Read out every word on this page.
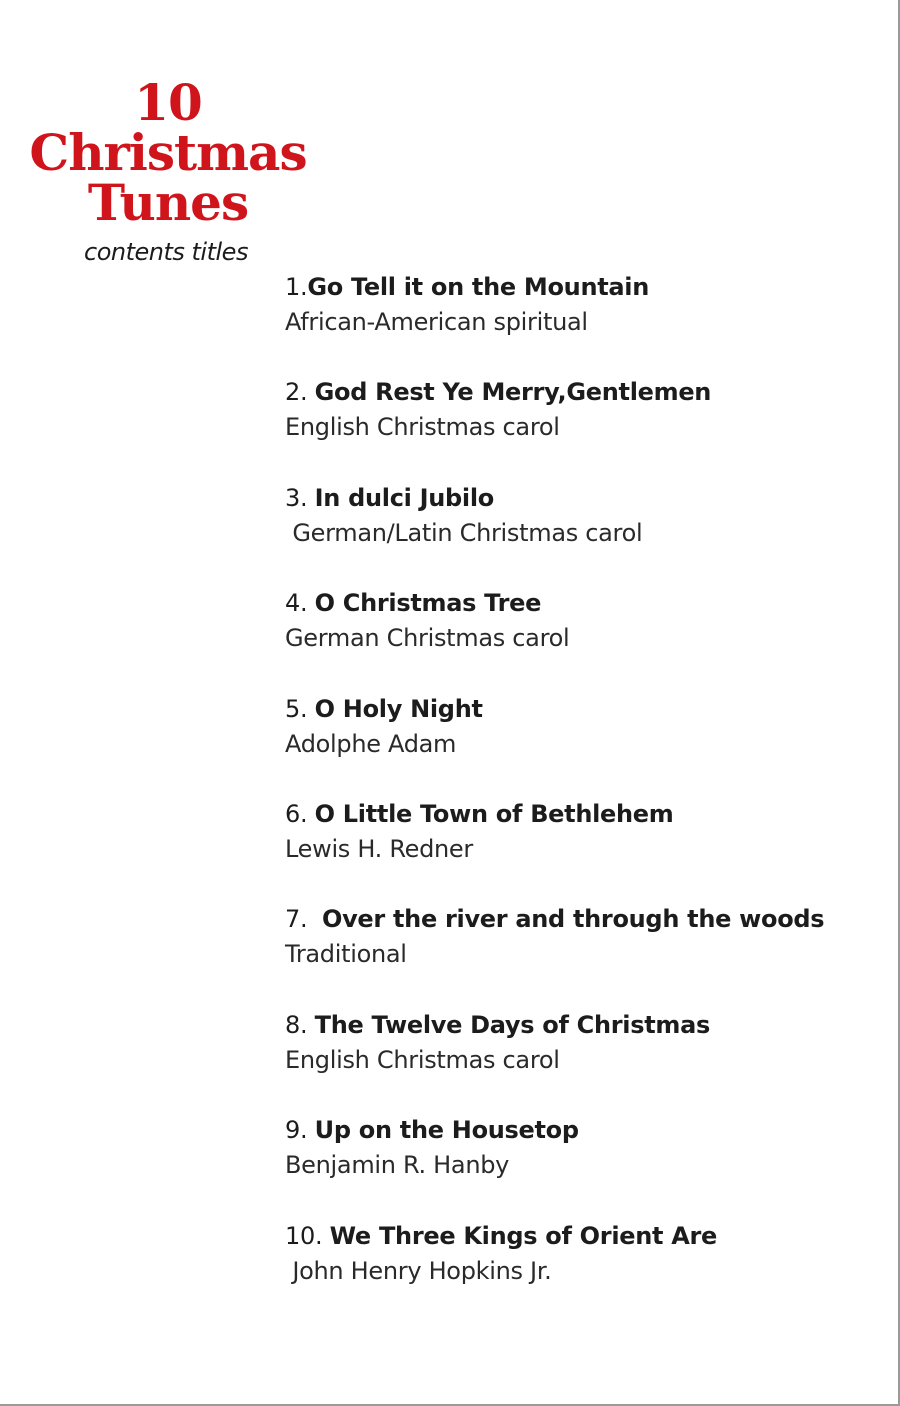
10
Christmas
Tunes
contents titles
1.Go Tell it on the Mountain
African-American spiritual
2. God Rest Ye Merry,Gentlemen
English Christmas carol
3. In dulci Jubilo
German/Latin Christmas carol
4. O Christmas Tree
German Christmas carol
5. O Holy Night
Adolphe Adam
6. O Little Town of Bethlehem
Lewis H. Redner
7.  Over the river and through the woods
Traditional
8. The Twelve Days of Christmas
English Christmas carol
9. Up on the Housetop
Benjamin R. Hanby
10. We Three Kings of Orient Are
John Henry Hopkins Jr.
